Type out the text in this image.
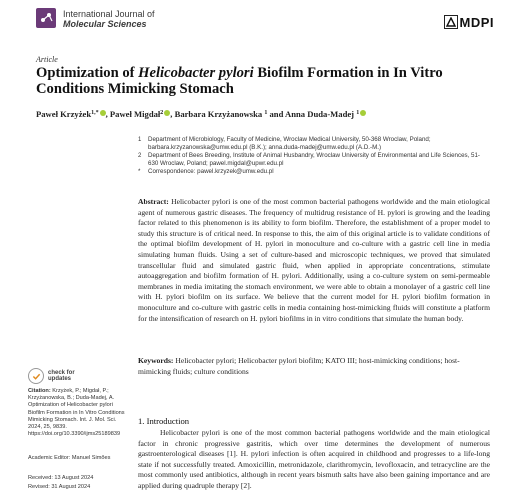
International Journal of
Molecular Sciences	MDPI
Article
Optimization of Helicobacter pylori Biofilm Formation in In Vitro Conditions Mimicking Stomach
Paweł Krzyżek$^{1,*}$ , Paweł Migdał$^2$ , Barbara Krzyżanowska $^1$ and Anna Duda-Madej $^1$
1 Department of Microbiology, Faculty of Medicine, Wroclaw Medical University, 50-368 Wroclaw, Poland; barbara.krzyzanowska@umw.edu.pl (B.K.); anna.duda-madej@umw.edu.pl (A.D.-M.)
2 Department of Bees Breeding, Institute of Animal Husbandry, Wroclaw University of Environmental and Life Sciences, 51-630 Wroclaw, Poland; pawel.migdal@upwr.edu.pl
* Correspondence: pawel.krzyzek@umw.edu.pl
Abstract: Helicobacter pylori is one of the most common bacterial pathogens worldwide and the main etiological agent of numerous gastric diseases. The frequency of multidrug resistance of H. pylori is growing and the leading factor related to this phenomenon is its ability to form biofilm. Therefore, the establishment of a proper model to study this structure is of critical need. In response to this, the aim of this original article is to validate conditions of the optimal biofilm development of H. pylori in monoculture and co-culture with a gastric cell line in media simulating human fluids. Using a set of culture-based and microscopic techniques, we proved that simulated transcellular fluid and simulated gastric fluid, when applied in appropriate concentrations, stimulate autoaggregation and biofilm formation of H. pylori. Additionally, using a co-culture system on semi-permeable membranes in media imitating the stomach environment, we were able to obtain a monolayer of a gastric cell line with H. pylori biofilm on its surface. We believe that the current model for H. pylori biofilm formation in monoculture and co-culture with gastric cells in media containing host-mimicking fluids will constitute a platform for the intensification of research on H. pylori biofilms in in vitro conditions that simulate the human body.
Keywords: Helicobacter pylori; Helicobacter pylori biofilm; KATO III; host-mimicking conditions; host-mimicking fluids; culture conditions
check for
updates
Citation: Krzyżek, P.; Migdał, P.; Krzyżanowska, B.; Duda-Madej, A. Optimization of Helicobacter pylori Biofilm Formation in In Vitro Conditions Mimicking Stomach. Int. J. Mol. Sci. 2024, 25, 9839. https://doi.org/10.3390/ijms25189839
Academic Editor: Manuel Simões
Received: 13 August 2024
Revised: 31 August 2024
1. Introduction
Helicobacter pylori is one of the most common bacterial pathogens worldwide and the main etiological factor in chronic progressive gastritis, which over time determines the development of numerous gastroenterological diseases [1]. H. pylori infection is often acquired in childhood and progresses to a life-long state if not successfully treated. Amoxicillin, metronidazole, clarithromycin, levofloxacin, and tetracycline are the most commonly used antibiotics, although in recent years bismuth salts have also been gaining importance and are applied during quadruple therapy [2].
